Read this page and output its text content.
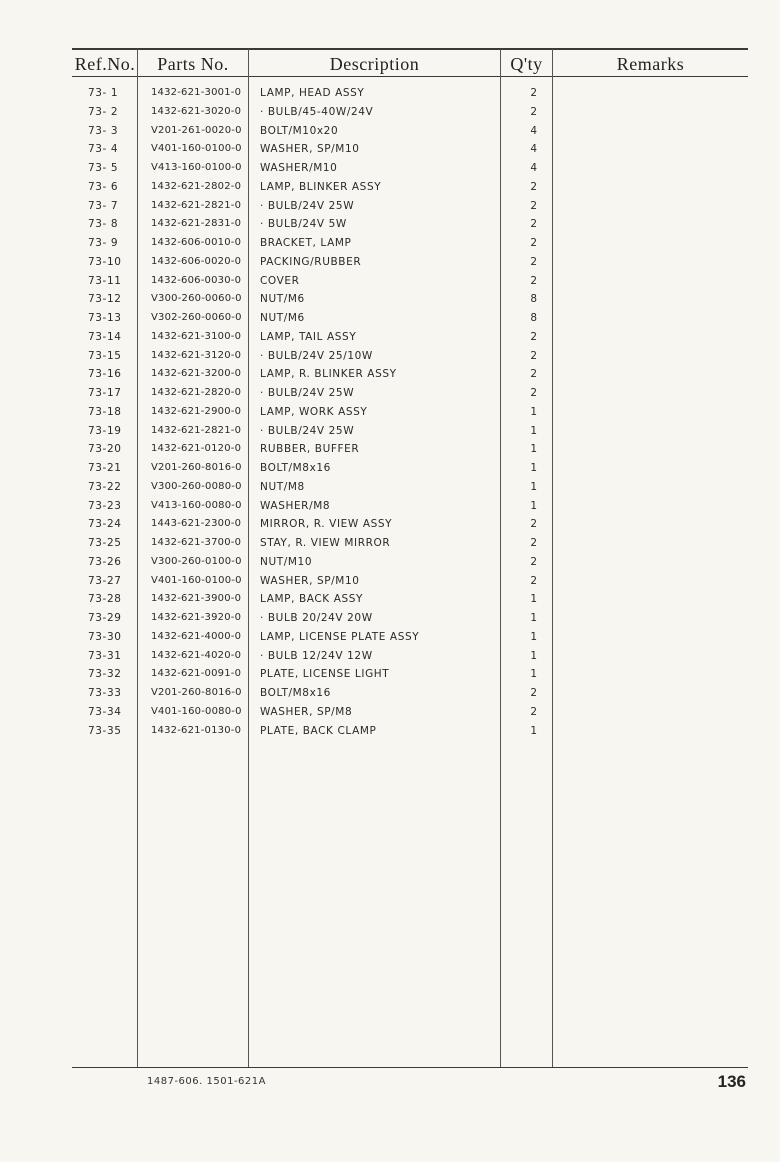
Ref.No.	Parts No.	Description	Q'ty	Remarks
73- 1	1432-621-3001-0	LAMP, HEAD ASSY	2
73- 2	1432-621-3020-0	· BULB/45-40W/24V	2
73- 3	V201-261-0020-0	BOLT/M10x20	4
73- 4	V401-160-0100-0	WASHER, SP/M10	4
73- 5	V413-160-0100-0	WASHER/M10	4
73- 6	1432-621-2802-0	LAMP, BLINKER ASSY	2
73- 7	1432-621-2821-0	· BULB/24V 25W	2
73- 8	1432-621-2831-0	· BULB/24V 5W	2
73- 9	1432-606-0010-0	BRACKET, LAMP	2
73-10	1432-606-0020-0	PACKING/RUBBER	2
73-11	1432-606-0030-0	COVER	2
73-12	V300-260-0060-0	NUT/M6	8
73-13	V302-260-0060-0	NUT/M6	8
73-14	1432-621-3100-0	LAMP, TAIL ASSY	2
73-15	1432-621-3120-0	· BULB/24V 25/10W	2
73-16	1432-621-3200-0	LAMP, R. BLINKER ASSY	2
73-17	1432-621-2820-0	· BULB/24V 25W	2
73-18	1432-621-2900-0	LAMP, WORK ASSY	1
73-19	1432-621-2821-0	· BULB/24V 25W	1
73-20	1432-621-0120-0	RUBBER, BUFFER	1
73-21	V201-260-8016-0	BOLT/M8x16	1
73-22	V300-260-0080-0	NUT/M8	1
73-23	V413-160-0080-0	WASHER/M8	1
73-24	1443-621-2300-0	MIRROR, R. VIEW ASSY	2
73-25	1432-621-3700-0	STAY, R. VIEW MIRROR	2
73-26	V300-260-0100-0	NUT/M10	2
73-27	V401-160-0100-0	WASHER, SP/M10	2
73-28	1432-621-3900-0	LAMP, BACK ASSY	1
73-29	1432-621-3920-0	· BULB 20/24V 20W	1
73-30	1432-621-4000-0	LAMP, LICENSE PLATE ASSY	1
73-31	1432-621-4020-0	· BULB 12/24V 12W	1
73-32	1432-621-0091-0	PLATE, LICENSE LIGHT	1
73-33	V201-260-8016-0	BOLT/M8x16	2
73-34	V401-160-0080-0	WASHER, SP/M8	2
73-35	1432-621-0130-0	PLATE, BACK CLAMP	1
1487-606. 1501-621A	136
